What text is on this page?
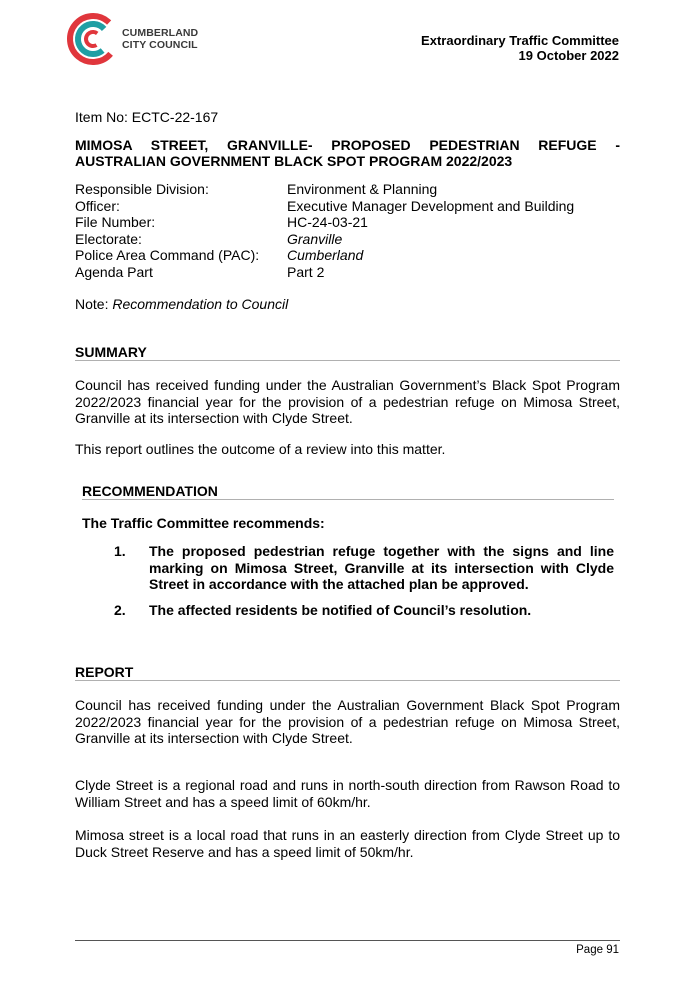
CUMBERLAND
CITY COUNCIL	Extraordinary Traffic Committee
19 October 2022
Item No: ECTC-22-167
MIMOSA STREET, GRANVILLE- PROPOSED PEDESTRIAN REFUGE - AUSTRALIAN GOVERNMENT BLACK SPOT PROGRAM 2022/2023
Responsible Division:	Environment & Planning
Officer:	Executive Manager Development and Building
File Number:	HC-24-03-21
Electorate:	Granville
Police Area Command (PAC):	Cumberland
Agenda Part	Part 2
Note: Recommendation to Council
SUMMARY
Council has received funding under the Australian Government’s Black Spot Program 2022/2023 financial year for the provision of a pedestrian refuge on Mimosa Street, Granville at its intersection with Clyde Street.
This report outlines the outcome of a review into this matter.
RECOMMENDATION
The Traffic Committee recommends:
1.	The proposed pedestrian refuge together with the signs and line marking on Mimosa Street, Granville at its intersection with Clyde Street in accordance with the attached plan be approved.
2.	The affected residents be notified of Council’s resolution.
REPORT
Council has received funding under the Australian Government Black Spot Program 2022/2023 financial year for the provision of a pedestrian refuge on Mimosa Street, Granville at its intersection with Clyde Street.
Clyde Street is a regional road and runs in north-south direction from Rawson Road to William Street and has a speed limit of 60km/hr.
Mimosa street is a local road that runs in an easterly direction from Clyde Street up to Duck Street Reserve and has a speed limit of 50km/hr.
Page 91
